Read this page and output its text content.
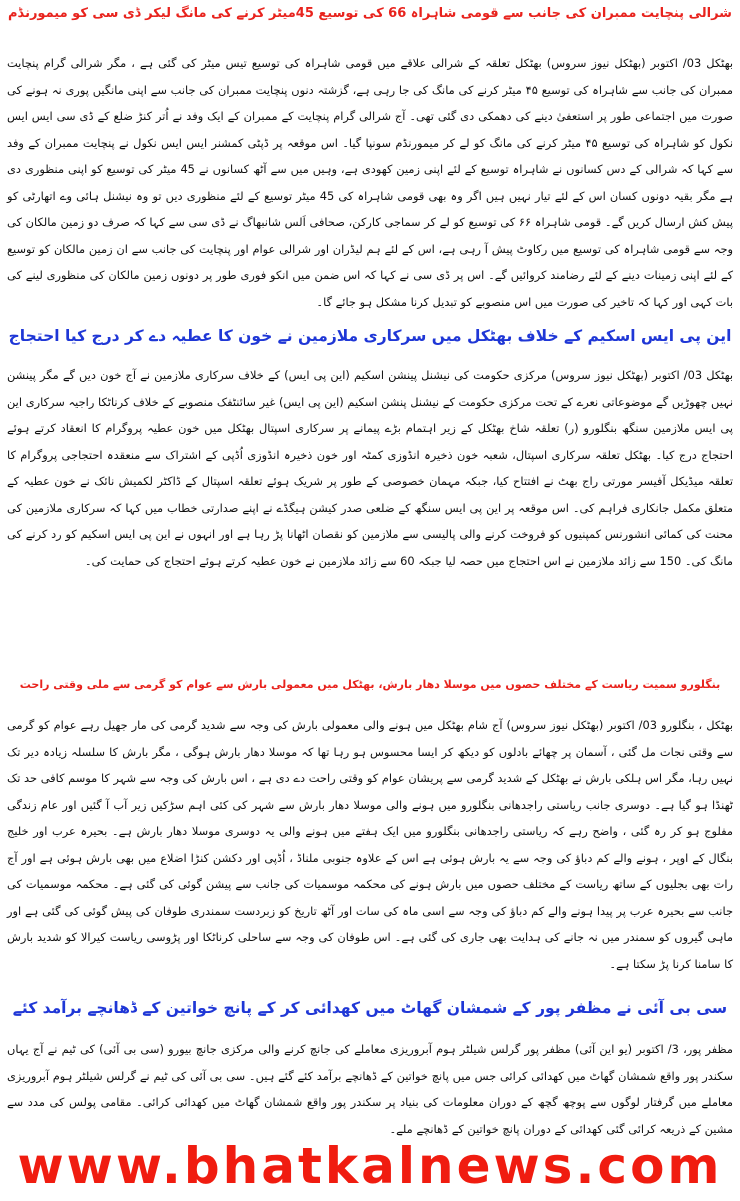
شرالی پنچایت ممبران کی جانب سے قومی شاہراہ 66 کی توسیع 45میٹر کرنے کی مانگ لیکر ڈی سی کو میمورنڈم

بھٹکل 03/ اکتوبر (بھٹکل نیوز سروس) بھٹکل تعلقہ کے شرالی علاقے میں قومی شاہراہ کی توسیع تیس میٹر کی گئی ہے ، مگر شرالی گرام پنچایت ممبران کی جانب سے شاہراہ کی توسیع ۴۵ میٹر کرنے کی مانگ کی جا رہی ہے، گزشتہ دنوں پنچایت ممبران کی جانب سے اپنی مانگیں پوری نہ ہونے کی صورت میں اجتماعی طور پر استعفیٰ دینے کی دھمکی دی گئی تھی۔ آج شرالی گرام پنچایت کے ممبران کے ایک وفد نے اُتر کنڑ ضلع کے ڈی سی ایس ایس نکول کو شاہراہ کی توسیع ۴۵ میٹر کرنے کی مانگ کو لے کر میمورنڈم سونپا گیا۔ اس موقعہ پر ڈپٹی کمشنر ایس ایس نکول نے پنچایت ممبران کے وفد سے کہا کہ شرالی کے دس کسانوں نے شاہراہ توسیع کے لئے اپنی زمین کھودی ہے، وہیں میں سے آٹھ کسانوں نے 45 میٹر کی توسیع کو اپنی منظوری دی ہے مگر بقیہ دونوں کسان اس کے لئے تیار نہیں ہیں اگر وہ بھی قومی شاہراہ کی 45 میٹر توسیع کے لئے منظوری دیں تو وہ نیشنل ہائی وے اتھارٹی کو پیش کش ارسال کریں گے۔ قومی شاہراہ ۶۶ کی توسیع کو لے کر سماجی کارکن، صحافی اَلس شانبھاگ نے ڈی سی سے کہا کہ صرف دو زمین مالکان کی وجہ سے قومی شاہراہ کی توسیع میں رکاوٹ پیش آ رہی ہے، اس کے لئے ہم لیڈران اور شرالی عوام اور پنچایت کی جانب سے ان زمین مالکان کو توسیع کے لئے اپنی زمینات دینے کے لئے رضامند کروائیں گے۔ اس پر ڈی سی نے کہا کہ اس ضمن میں انکو فوری طور پر دونوں زمین مالکان کی منظوری لینے کی بات کہی اور کہا کہ تاخیر کی صورت میں اس منصوبے کو تبدیل کرنا مشکل ہو جائے گا۔

این پی ایس اسکیم کے خلاف بھٹکل میں سرکاری ملازمین نے خون کا عطیہ دے کر درج کیا احتجاج

بھٹکل 03/ اکتوبر (بھٹکل نیوز سروس) مرکزی حکومت کی نیشنل پینشن اسکیم (این پی ایس) کے خلاف سرکاری ملازمین نے آج خون دیں گے مگر پینشن نہیں چھوڑیں گے موضوعاتی نعرے کے تحت مرکزی حکومت کے نیشنل پنشن اسکیم (این پی ایس) غیر سائنٹفک منصوبے کے خلاف کرناٹکا راجیہ سرکاری این پی ایس ملازمین سنگھ بنگلورو (ر) تعلقہ شاخ بھٹکل کے زیر اہتمام بڑے پیمانے پر سرکاری اسپتال بھٹکل میں خون عطیہ پروگرام کا انعقاد کرتے ہوئے احتجاج درج کیا۔ بھٹکل تعلقہ سرکاری اسپتال، شعبہ خون ذخیرہ انڈوزی کمٹہ اور خون ذخیرہ انڈوزی اُڈپی کے اشتراک سے منعقدہ احتجاجی پروگرام کا تعلقہ میڈیکل آفیسر مورتی راج بھٹ نے افتتاح کیا، جبکہ مہمان خصوصی کے طور پر شریک ہوئے تعلقہ اسپتال کے ڈاکٹر لکمیش نائک نے خون عطیہ کے متعلق مکمل جانکاری فراہم کی۔ اس موقعہ پر این پی ایس سنگھ کے ضلعی صدر کیشن ہیگڈے نے اپنے صدارتی خطاب میں کہا کہ سرکاری ملازمین کی محنت کی کمائی انشورنس کمپنیوں کو فروخت کرنے والی پالیسی سے ملازمین کو نقصان اٹھانا پڑ رہا ہے اور انہوں نے این پی ایس اسکیم کو رد کرنے کی مانگ کی۔ 150 سے زائد ملازمین نے اس احتجاج میں حصہ لیا جبکہ 60 سے زائد ملازمین نے خون عطیہ کرتے ہوئے احتجاج کی حمایت کی۔

بنگلورو سمیت ریاست کے مختلف حصوں میں موسلا دھار بارش، بھٹکل میں معمولی بارش سے عوام کو گرمی سے ملی وقتی راحت

بھٹکل ، بنگلورو 03/ اکتوبر (بھٹکل نیوز سروس) آج شام بھٹکل میں ہونے والی معمولی بارش کی وجہ سے شدید گرمی کی مار جھیل رہے عوام کو گرمی سے وقتی نجات مل گئی ، آسمان پر چھائے بادلوں کو دیکھ کر ایسا محسوس ہو رہا تھا کہ موسلا دھار بارش ہوگی ، مگر بارش کا سلسلہ زیادہ دیر تک نہیں رہا، مگر اس ہلکی بارش نے بھٹکل کے شدید گرمی سے پریشان عوام کو وقتی راحت دے دی ہے ، اس بارش کی وجہ سے شہر کا موسم کافی حد تک ٹھنڈا ہو گیا ہے۔ دوسری جانب ریاستی راجدھانی بنگلورو میں ہونے والی موسلا دھار بارش سے شہر کی کئی اہم سڑکیں زیر آب آ گئیں اور عام زندگی مفلوج ہو کر رہ گئی ، واضح رہے کہ ریاستی راجدھانی بنگلورو میں ایک ہفتے میں ہونے والی یہ دوسری موسلا دھار بارش ہے۔ بحیرہ عرب اور خلیج بنگال کے اوپر ، ہونے والے کم دباؤ کی وجہ سے یہ بارش ہوئی ہے اس کے علاوہ جنوبی ملناڈ ، اُڈپی اور دکشن کنڑا اضلاع میں بھی بارش ہوئی ہے اور آج رات بھی بجلیوں کے ساتھ ریاست کے مختلف حصوں میں بارش ہونے کی محکمہ موسمیات کی جانب سے پیشن گوئی کی گئی ہے۔ محکمہ موسمیات کی جانب سے بحیرہ عرب پر پیدا ہونے والے کم دباؤ کی وجہ سے اسی ماہ کی سات اور آٹھ تاریخ کو زبردست سمندری طوفان کی پیش گوئی کی گئی ہے اور ماہی گیروں کو سمندر میں نہ جانے کی ہدایت بھی جاری کی گئی ہے۔ اس طوفان کی وجہ سے ساحلی کرناٹکا اور پڑوسی ریاست کیرالا کو شدید بارش کا سامنا کرنا پڑ سکتا ہے۔

سی بی آئی نے مظفر پور کے شمشان گھاٹ میں کھدائی کر کے پانچ خواتین کے ڈھانچے برآمد کئے

مظفر پور، 3/ اکتوبر (یو این آئی) مظفر پور گرلس شیلٹر ہوم آبروریزی معاملے کی جانچ کرنے والی مرکزی جانچ بیورو (سی بی آئی) کی ٹیم نے آج یہاں سکندر پور واقع شمشان گھاٹ میں کھدائی کرائی جس میں پانچ خواتین کے ڈھانچے برآمد کئے گئے ہیں۔ سی بی آئی کی ٹیم نے گرلس شیلٹر ہوم آبروریزی معاملے میں گرفتار لوگوں سے پوچھ گچھ کے دوران معلومات کی بنیاد پر سکندر پور واقع شمشان گھاٹ میں کھدائی کرائی۔ مقامی پولس کی مدد سے مشین کے ذریعہ کرائی گئی کھدائی کے دوران پانچ خواتین کے ڈھانچے ملے۔

www.bhatkalnews.com
